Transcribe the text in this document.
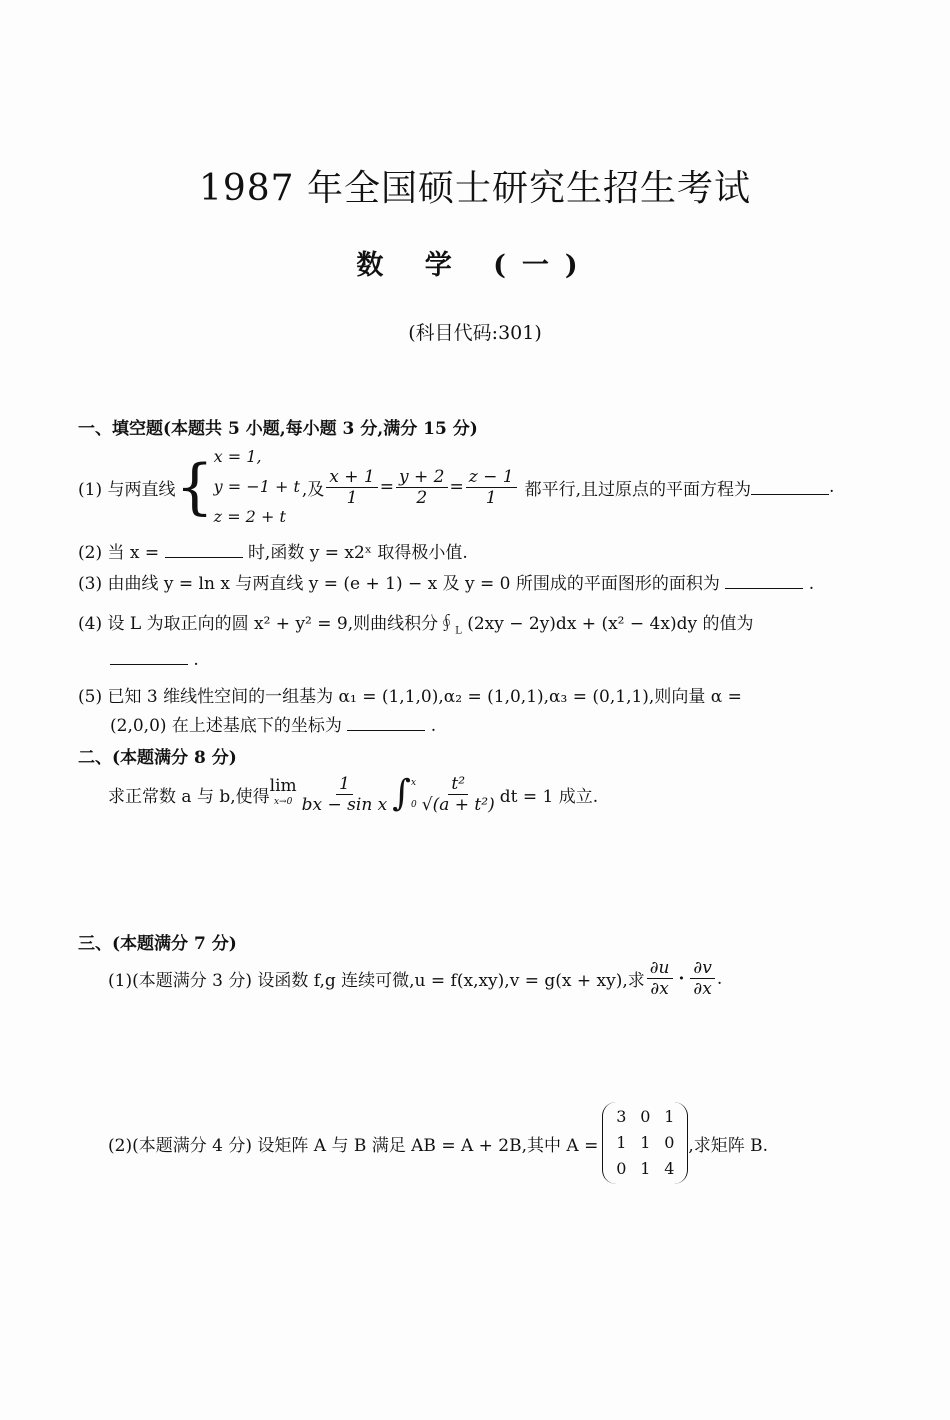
1987 年全国硕士研究生招生考试
数 学 (一)
(科目代码:301)
一、填空题(本题共 5 小题,每小题 3 分,满分 15 分)
(1) 与两直线 { x = 1,
y = −1 + t
z = 2 + t
,及 $\frac{x + 1}{1} = \frac{y + 2}{2} = \frac{z - 1}{1}$ 都平行,且过原点的平面方程为	.
(2) 当 x =	时,函数 y = x2ˣ 取得极小值.
(3) 由曲线 y = ln x 与两直线 y = (e + 1) − x 及 y = 0 所围成的平面图形的面积为	.
(4) 设 L 为取正向的圆 x² + y² = 9,则曲线积分$∮_L$ (2xy − 2y)dx + (x² − 4x)dy 的值为
.
(5) 已知 3 维线性空间的一组基为 α₁ = (1,1,0),α₂ = (1,0,1),α₃ = (0,1,1),则向量 α =
(2,0,0) 在上述基底下的坐标为	.
二、(本题满分 8 分)
求正常数 a 与 b,使得
lim
$x\to 0 \frac{1}{\text{bx − sin x}}$ ∫ x
$0 \frac{\text{t²}}{\text{√(a + t²)}}$ dt = 1 成立.
三、(本题满分 7 分)
(1)(本题满分 3 分) 设函数 f,g 连续可微,u = f(x,xy),v = g(x + xy),求 $\frac{\partial u}{\partial x} \cdot \frac{\partial v}{\partial x}$ .
(2)(本题满分 4 分) 设矩阵 A 与 B 满足 AB = A + 2B,其中 A =
3	0	1
1	1	0
0	1	4
,求矩阵 B.
